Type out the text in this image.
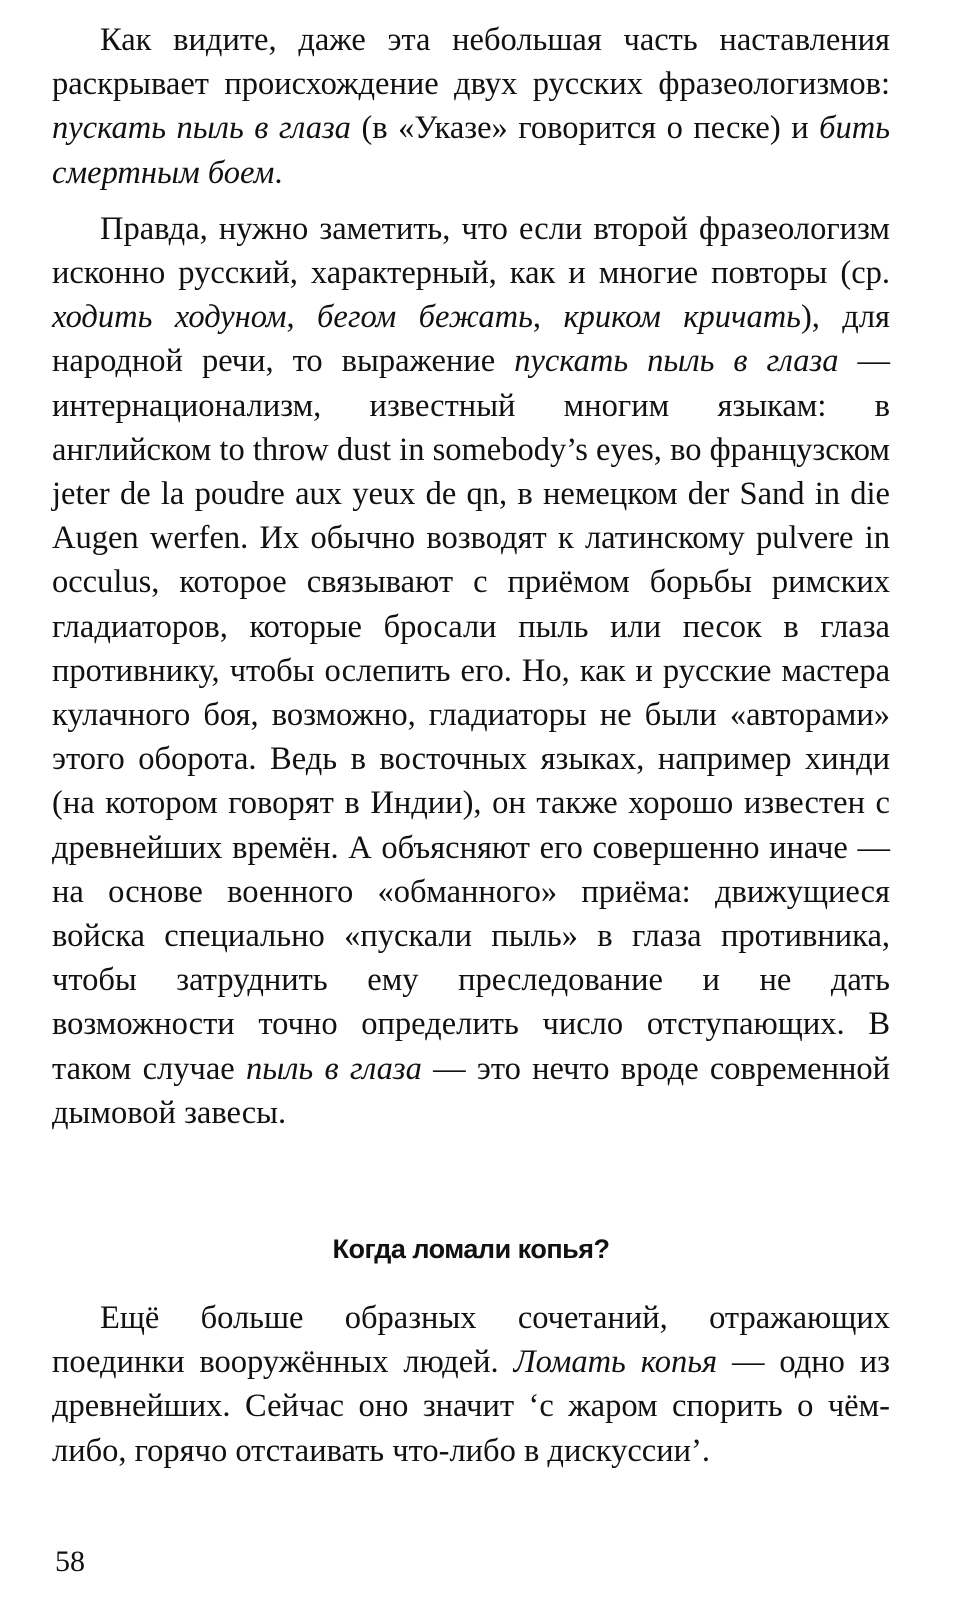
Как видите, даже эта небольшая часть наставления раскрывает происхождение двух русских фразеологизмов: пускать пыль в глаза (в «Указе» говорится о песке) и бить смертным боем.

Правда, нужно заметить, что если второй фразеологизм исконно русский, характерный, как и многие повторы (ср. ходить ходуном, бегом бежать, криком кричать), для народной речи, то выражение пускать пыль в глаза — интернационализм, известный многим языкам: в английском to throw dust in somebody’s eyes, во французском jeter de la poudre aux yeux de qn, в немецком der Sand in die Augen werfen. Их обычно возводят к латинскому pulvere in occulus, которое связывают с приёмом борьбы римских гладиаторов, которые бросали пыль или песок в глаза противнику, чтобы ослепить его. Но, как и русские мастера кулачного боя, возможно, гладиаторы не были «авторами» этого оборота. Ведь в восточных языках, например хинди (на котором говорят в Индии), он также хорошо известен с древнейших времён. А объясняют его совершенно иначе — на основе военного «обманного» приёма: движущиеся войска специально «пускали пыль» в глаза противника, чтобы затруднить ему преследование и не дать возможности точно определить число отступающих. В таком случае пыль в глаза — это нечто вроде современной дымовой завесы.

Когда ломали копья?

Ещё больше образных сочетаний, отражающих поединки вооружённых людей. Ломать копья — одно из древнейших. Сейчас оно значит ‘с жаром спорить о чём-либо, горячо отстаивать что-либо в дискуссии’.

58
